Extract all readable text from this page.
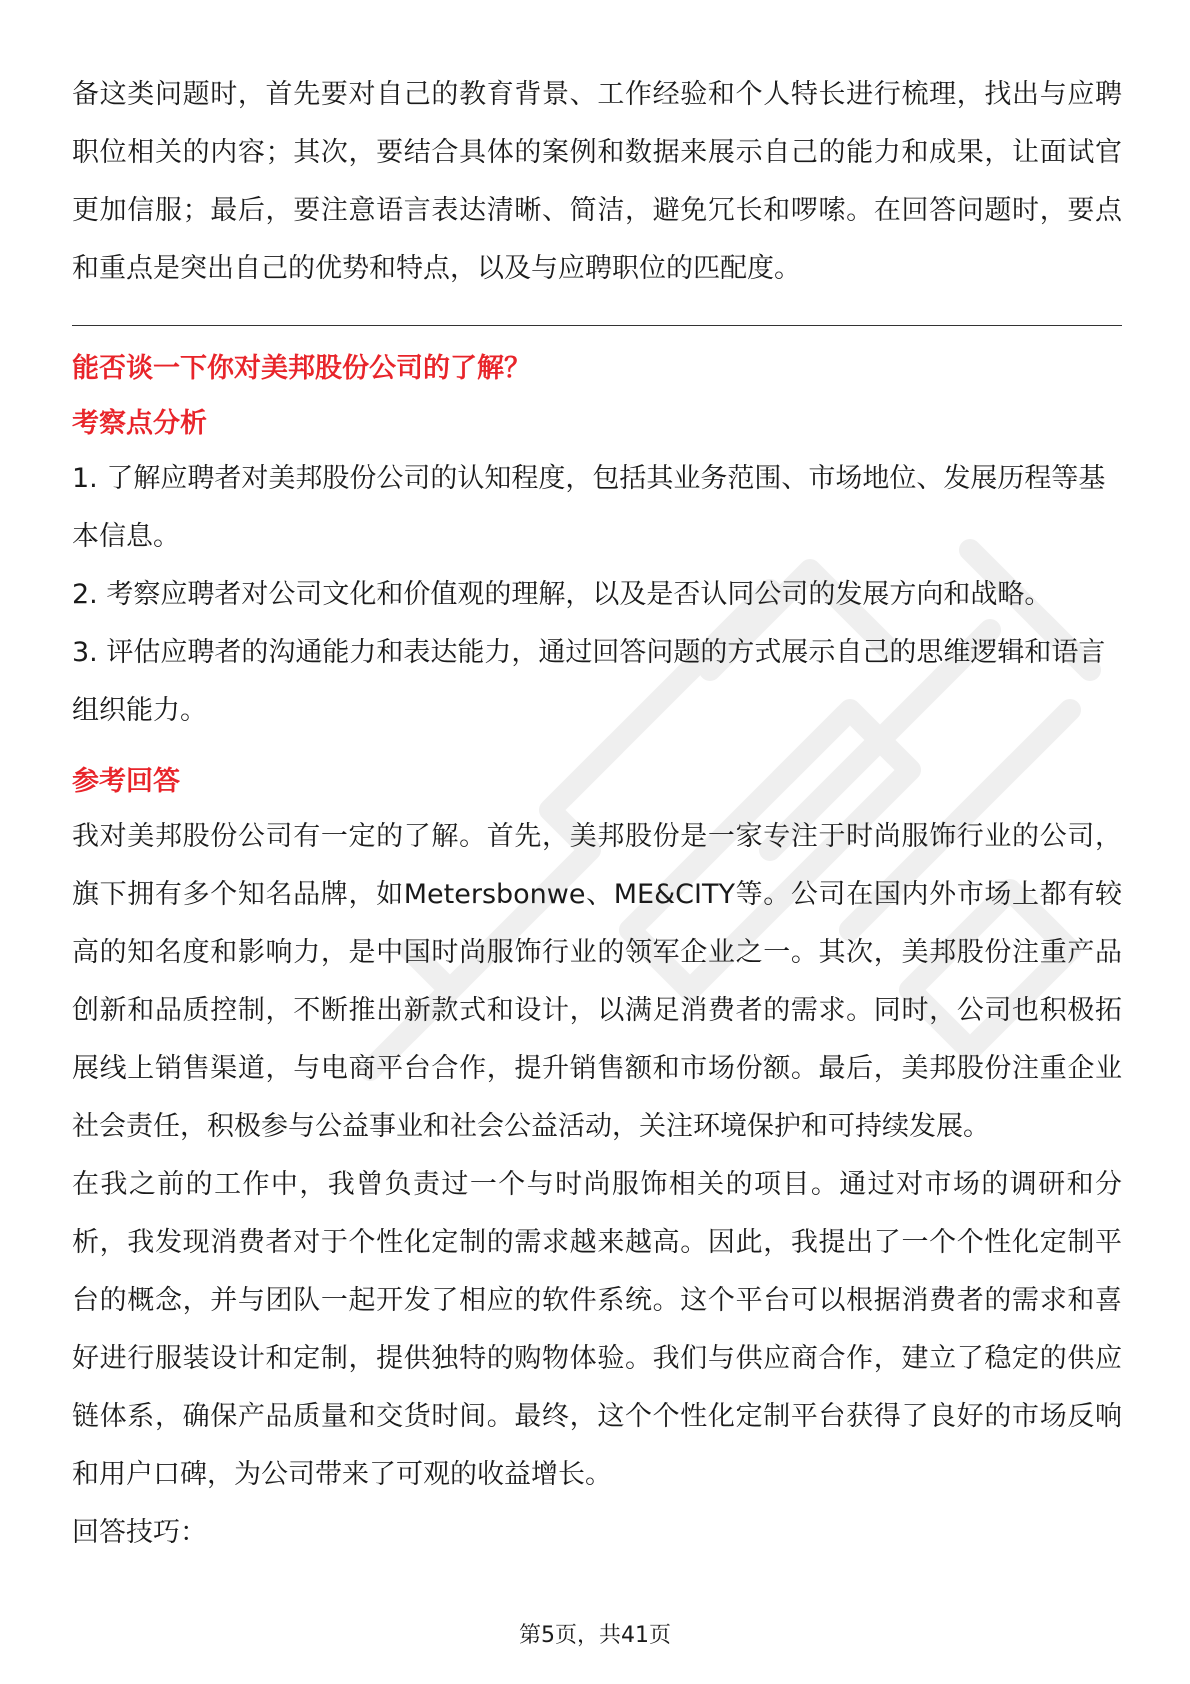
备这类问题时，首先要对自己的教育背景、工作经验和个人特长进行梳理，找出与应聘职位相关的内容；其次，要结合具体的案例和数据来展示自己的能力和成果，让面试官更加信服；最后，要注意语言表达清晰、简洁，避免冗长和啰嗦。在回答问题时，要点和重点是突出自己的优势和特点，以及与应聘职位的匹配度。

能否谈一下你对美邦股份公司的了解？

考察点分析

1. 了解应聘者对美邦股份公司的认知程度，包括其业务范围、市场地位、发展历程等基本信息。

2. 考察应聘者对公司文化和价值观的理解，以及是否认同公司的发展方向和战略。

3. 评估应聘者的沟通能力和表达能力，通过回答问题的方式展示自己的思维逻辑和语言组织能力。

参考回答

我对美邦股份公司有一定的了解。首先，美邦股份是一家专注于时尚服饰行业的公司，旗下拥有多个知名品牌，如Metersbonwe、ME&CITY等。公司在国内外市场上都有较高的知名度和影响力，是中国时尚服饰行业的领军企业之一。其次，美邦股份注重产品创新和品质控制，不断推出新款式和设计，以满足消费者的需求。同时，公司也积极拓展线上销售渠道，与电商平台合作，提升销售额和市场份额。最后，美邦股份注重企业社会责任，积极参与公益事业和社会公益活动，关注环境保护和可持续发展。

在我之前的工作中，我曾负责过一个与时尚服饰相关的项目。通过对市场的调研和分析，我发现消费者对于个性化定制的需求越来越高。因此，我提出了一个个性化定制平台的概念，并与团队一起开发了相应的软件系统。这个平台可以根据消费者的需求和喜好进行服装设计和定制，提供独特的购物体验。我们与供应商合作，建立了稳定的供应链体系，确保产品质量和交货时间。最终，这个个性化定制平台获得了良好的市场反响和用户口碑，为公司带来了可观的收益增长。

回答技巧：

第5页，共41页
